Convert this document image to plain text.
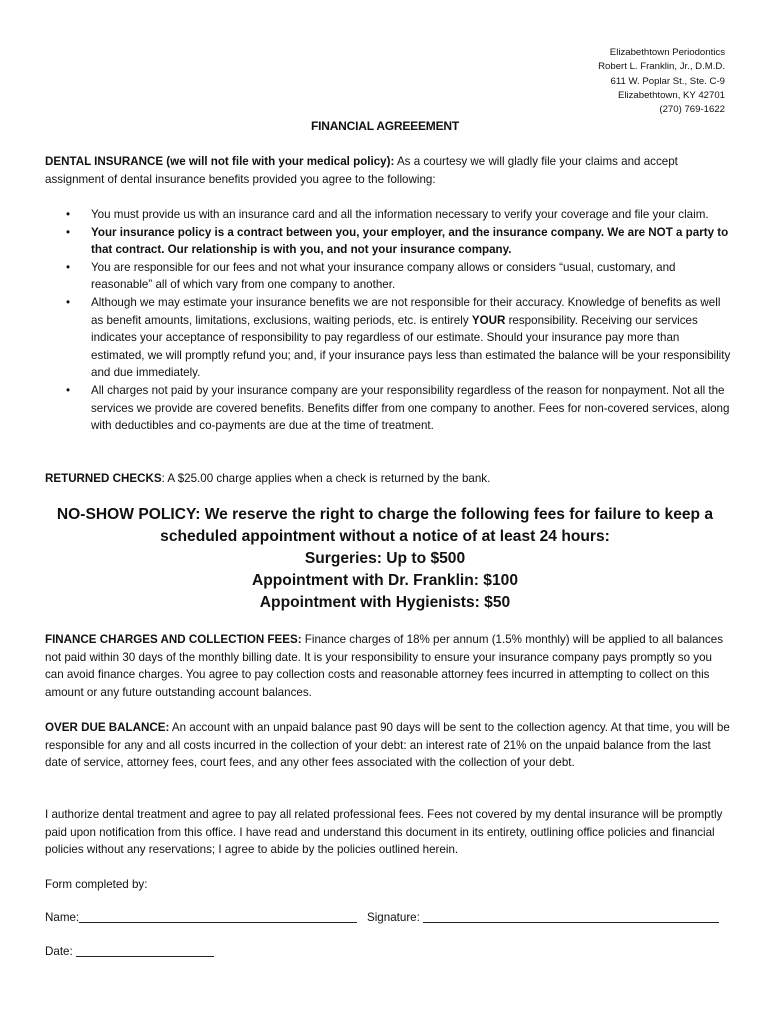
Elizabethtown Periodontics
Robert L. Franklin, Jr., D.M.D.
611 W. Poplar St., Ste. C-9
Elizabethtown, KY 42701
(270) 769-1622
FINANCIAL AGREEEMENT
DENTAL INSURANCE (we will not file with your medical policy): As a courtesy we will gladly file your claims and accept assignment of dental insurance benefits provided you agree to the following:
• You must provide us with an insurance card and all the information necessary to verify your coverage and file your claim.
• Your insurance policy is a contract between you, your employer, and the insurance company. We are NOT a party to that contract. Our relationship is with you, and not your insurance company.
• You are responsible for our fees and not what your insurance company allows or considers “usual, customary, and reasonable” all of which vary from one company to another.
• Although we may estimate your insurance benefits we are not responsible for their accuracy. Knowledge of benefits as well as benefit amounts, limitations, exclusions, waiting periods, etc. is entirely YOUR responsibility. Receiving our services indicates your acceptance of responsibility to pay regardless of our estimate. Should your insurance pay more than estimated, we will promptly refund you; and, if your insurance pays less than estimated the balance will be your responsibility and due immediately.
• All charges not paid by your insurance company are your responsibility regardless of the reason for nonpayment. Not all the services we provide are covered benefits. Benefits differ from one company to another. Fees for non-covered services, along with deductibles and co-payments are due at the time of treatment.
RETURNED CHECKS: A $25.00 charge applies when a check is returned by the bank.
NO-SHOW POLICY: We reserve the right to charge the following fees for failure to keep a
scheduled appointment without a notice of at least 24 hours:
Surgeries: Up to $500
Appointment with Dr. Franklin: $100
Appointment with Hygienists: $50
FINANCE CHARGES AND COLLECTION FEES: Finance charges of 18% per annum (1.5% monthly) will be applied to all balances not paid within 30 days of the monthly billing date. It is your responsibility to ensure your insurance company pays promptly so you can avoid finance charges. You agree to pay collection costs and reasonable attorney fees incurred in attempting to collect on this amount or any future outstanding account balances.
OVER DUE BALANCE: An account with an unpaid balance past 90 days will be sent to the collection agency. At that time, you will be responsible for any and all costs incurred in the collection of your debt: an interest rate of 21% on the unpaid balance from the last date of service, attorney fees, court fees, and any other fees associated with the collection of your debt.
I authorize dental treatment and agree to pay all related professional fees. Fees not covered by my dental insurance will be promptly paid upon notification from this office. I have read and understand this document in its entirety, outlining office policies and financial policies without any reservations; I agree to abide by the policies outlined herein.
Form completed by:
Name:	Signature:
Date:
